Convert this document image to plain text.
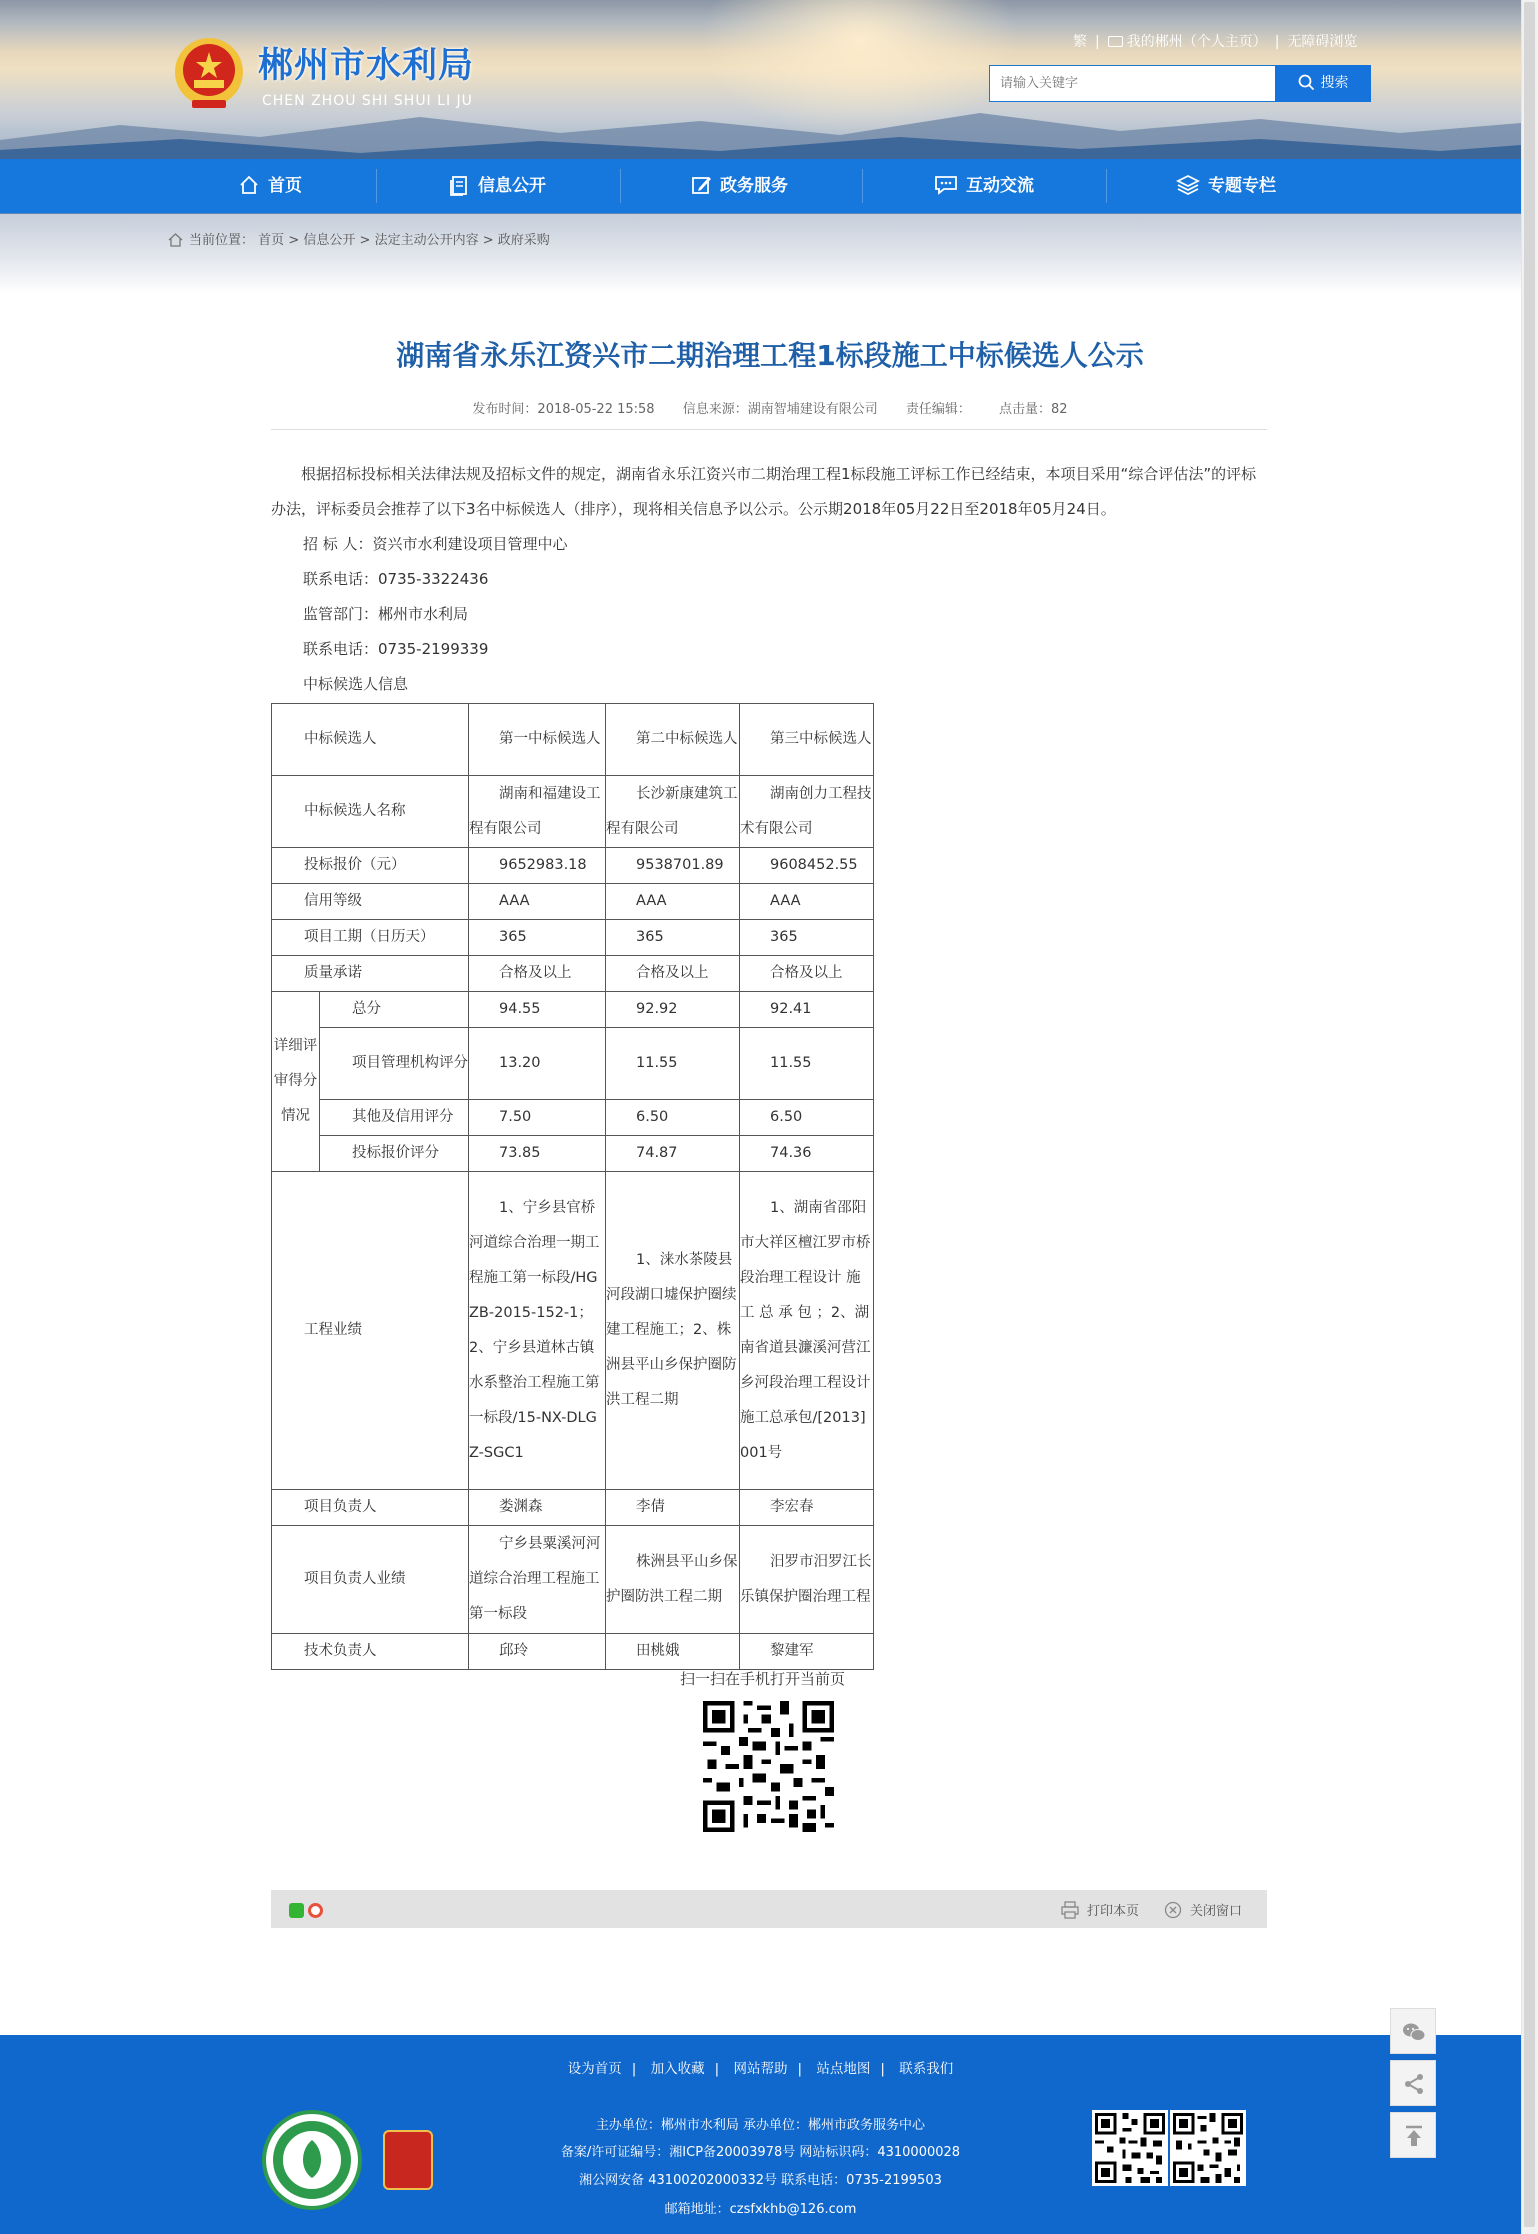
郴州市水利局
CHEN ZHOU SHI SHUI LI JU
繁 | 我的郴州（个人主页） | 无障碍浏览
请输入关键字
搜索
首页	信息公开	政务服务	互动交流	专题专栏
当前位置： 首页 > 信息公开 > 法定主动公开内容 > 政府采购
湖南省永乐江资兴市二期治理工程1标段施工中标候选人公示
发布时间：2018-05-22 15:58 信息来源：湖南智埔建设有限公司 责任编辑： 点击量：82

根据招标投标相关法律法规及招标文件的规定，湖南省永乐江资兴市二期治理工程1标段施工评标工作已经结束，本项目采用“综合评估法”的评标办法，评标委员会推荐了以下3名中标候选人（排序），现将相关信息予以公示。公示期2018年05月22日至2018年05月24日。

招 标 人：资兴市水利建设项目管理中心

联系电话：0735-3322436

监管部门：郴州市水利局

联系电话：0735-2199339

中标候选人信息

中标候选人		第一中标候选人	第二中标候选人	第三中标候选人
中标候选人名称		湖南和福建设工程有限公司	长沙新康建筑工程有限公司	湖南创力工程技术有限公司
投标报价（元）		9652983.18	9538701.89	9608452.55
信用等级		AAA	AAA	AAA
项目工期（日历天）		365	365	365
质量承诺		合格及以上	合格及以上	合格及以上
详细评审得分情况	总分	94.55	92.92	92.41
	项目管理机构评分	13.20	11.55	11.55
	其他及信用评分	7.50	6.50	6.50
	投标报价评分	73.85	74.87	74.36
工程业绩		1、宁乡县官桥河道综合治理一期工程施工第一标段/HGZB-2015-152-1；2、宁乡县道林古镇水系整治工程施工第一标段/15-NX-DLGZ-SGC1	1、涞水茶陵县河段湖口墟保护圈续建工程施工；2、株洲县平山乡保护圈防洪工程二期	1、湖南省邵阳市大祥区檀江罗市桥段治理工程设计 施 工 总 承 包 ；2、湖南省道县濂溪河营江乡河段治理工程设计施工总承包/[2013]001号
项目负责人		娄渊森	李倩	李宏春
项目负责人业绩		宁乡县粟溪河河道综合治理工程施工第一标段	株洲县平山乡保护圈防洪工程二期	汨罗市汨罗江长乐镇保护圈治理工程
技术负责人		邱玲	田桃娥	黎建军
扫一扫在手机打开当前页
打印本页	关闭窗口
设为首页 | 加入收藏 | 网站帮助 | 站点地图 | 联系我们
主办单位：郴州市水利局 承办单位：郴州市政务服务中心
备案/许可证编号：湘ICP备20003978号 网站标识码：4310000028
湘公网安备 43100202000332号 联系电话：0735-2199503
邮箱地址：czsfxkhb@126.com
